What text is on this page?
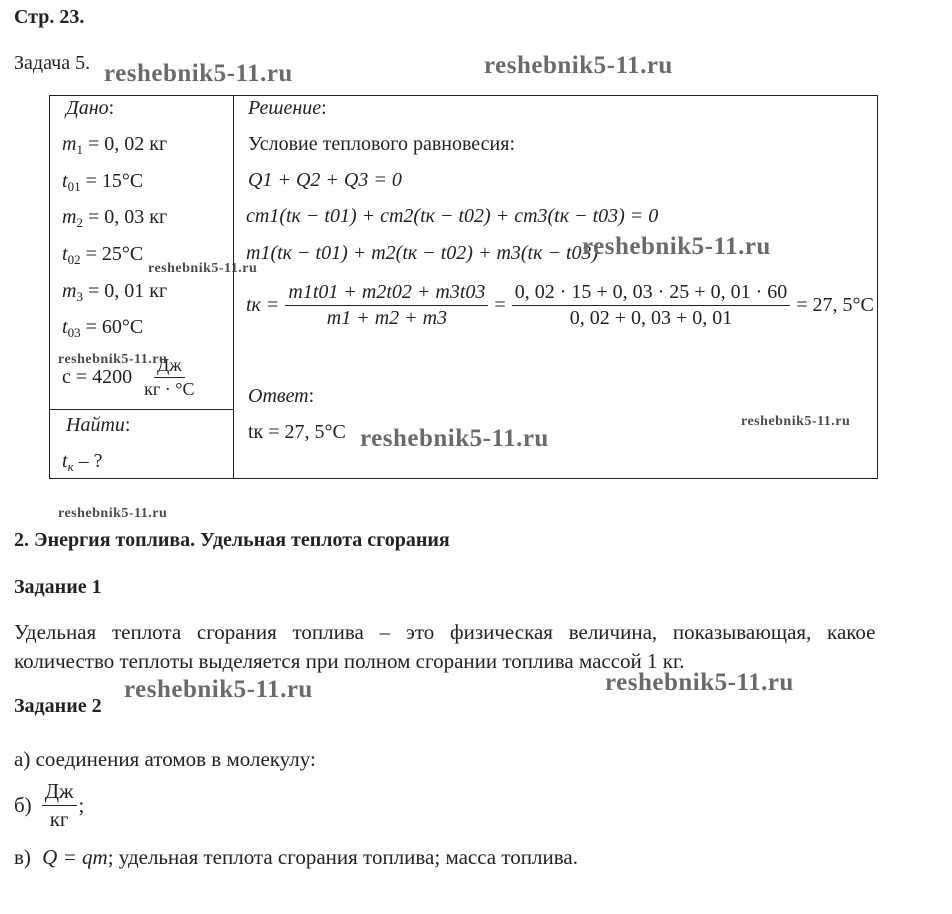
Стр. 23.
Задача 5.
Дано:
$m_1 = 0$, 02 кг
$t_{01} = 15^\circ C$
$m_2 = 0$, 03 кг
$t_{02} = 25^\circ C$
$m_3 = 0$, 01 кг
$t_{03} = 60^\circ C$
$c = 4200 \frac{Дж}{кг \cdot ^\circ C}$
Найти:
$t_к$ – ?
Решение:
Условие теплового равновесия:
Q1 + Q2 + Q3 = 0
cm1(tк − t01) + cm2(tк − t02) + cm3(tк − t03) = 0
m1(tк − t01) + m2(tк − t02) + m3(tк − t03)
tк = $\frac{m1t01 + m2t02 + m3t03}{m1 + m2 + m3} = \frac{0, 02 \cdot 15 + 0, 03 \cdot 25 + 0, 01 \cdot 60}{0, 02 + 0, 03 + 0, 01} = 27$, 5°C
Ответ:
tк = 27, 5°C
2. Энергия топлива. Удельная теплота сгорания
Задание 1
Удельная   теплота   сгорания   топлива   –   это   физическая   величина,   показывающая,   какое
количество теплоты выделяется при полном сгорании топлива массой 1 кг.
Задание 2
а) соединения атомов в молекулу:
$б) \frac{Дж}{кг}$ ;
в) Q = qm; удельная теплота сгорания топлива; масса топлива.
reshebnik5-11.ru	reshebnik5-11.ru
reshebnik5-11.ru
reshebnik5-11.ru
reshebnik5-11.ru
reshebnik5-11.ru
reshebnik5-11.ru
reshebnik5-11.ru
reshebnik5-11.ru	reshebnik5-11.ru
